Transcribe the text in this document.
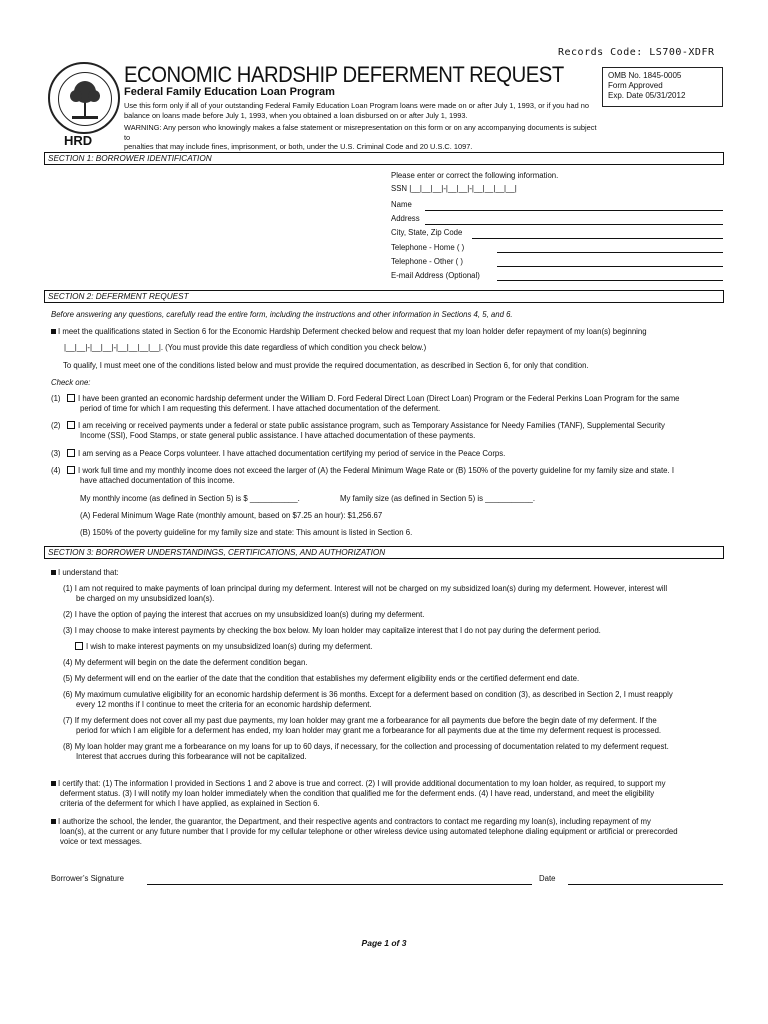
Records Code: LS700-XDFR
HRD
ECONOMIC HARDSHIP DEFERMENT REQUEST
Federal Family Education Loan Program
Use this form only if all of your outstanding Federal Family Education Loan Program loans were made on or after July 1, 1993, or if you had no
balance on loans made before July 1, 1993, when you obtained a loan disbursed on or after July 1, 1993.
WARNING: Any person who knowingly makes a false statement or misrepresentation on this form or on any accompanying documents is subject to
penalties that may include fines, imprisonment, or both, under the U.S. Criminal Code and 20 U.S.C. 1097.
OMB No. 1845-0005
Form Approved
Exp. Date 05/31/2012
SECTION 1: BORROWER IDENTIFICATION
Please enter or correct the following information.
SSN |__|__|__|-|__|__|-|__|__|__|__|
Name
Address
City, State, Zip Code
Telephone - Home ( )
Telephone - Other ( )
E-mail Address (Optional)
SECTION 2: DEFERMENT REQUEST
Before answering any questions, carefully read the entire form, including the instructions and other information in Sections 4, 5, and 6.
I meet the qualifications stated in Section 6 for the Economic Hardship Deferment checked below and request that my loan holder defer repayment of my loan(s) beginning
|__|__|-|__|__|-|__|__|__|__|. (You must provide this date regardless of which condition you check below.)
To qualify, I must meet one of the conditions listed below and must provide the required documentation, as described in Section 6, for only that condition.
Check one:
(1)	I have been granted an economic hardship deferment under the William D. Ford Federal Direct Loan (Direct Loan) Program or the Federal Perkins Loan Program for the same
period of time for which I am requesting this deferment. I have attached documentation of the deferment.
(2)	I am receiving or received payments under a federal or state public assistance program, such as Temporary Assistance for Needy Families (TANF), Supplemental Security
Income (SSI), Food Stamps, or state general public assistance. I have attached documentation of these payments.
(3)	I am serving as a Peace Corps volunteer. I have attached documentation certifying my period of service in the Peace Corps.
(4)	I work full time and my monthly income does not exceed the larger of (A) the Federal Minimum Wage Rate or (B) 150% of the poverty guideline for my family size and state. I
have attached documentation of this income.
My monthly income (as defined in Section 5) is $ ___________.	My family size (as defined in Section 5) is ___________.
(A) Federal Minimum Wage Rate (monthly amount, based on $7.25 an hour): $1,256.67
(B) 150% of the poverty guideline for my family size and state: This amount is listed in Section 6.
SECTION 3: BORROWER UNDERSTANDINGS, CERTIFICATIONS, AND AUTHORIZATION
I understand that:
(1) I am not required to make payments of loan principal during my deferment. Interest will not be charged on my subsidized loan(s) during my deferment. However, interest will
be charged on my unsubsidized loan(s).
(2) I have the option of paying the interest that accrues on my unsubsidized loan(s) during my deferment.
(3) I may choose to make interest payments by checking the box below. My loan holder may capitalize interest that I do not pay during the deferment period.
I wish to make interest payments on my unsubsidized loan(s) during my deferment.
(4) My deferment will begin on the date the deferment condition began.
(5) My deferment will end on the earlier of the date that the condition that establishes my deferment eligibility ends or the certified deferment end date.
(6) My maximum cumulative eligibility for an economic hardship deferment is 36 months. Except for a deferment based on condition (3), as described in Section 2, I must reapply
every 12 months if I continue to meet the criteria for an economic hardship deferment.
(7) If my deferment does not cover all my past due payments, my loan holder may grant me a forbearance for all payments due before the begin date of my deferment. If the
period for which I am eligible for a deferment has ended, my loan holder may grant me a forbearance for all payments due at the time my deferment request is processed.
(8) My loan holder may grant me a forbearance on my loans for up to 60 days, if necessary, for the collection and processing of documentation related to my deferment request.
Interest that accrues during this forbearance will not be capitalized.
I certify that: (1) The information I provided in Sections 1 and 2 above is true and correct. (2) I will provide additional documentation to my loan holder, as required, to support my
deferment status. (3) I will notify my loan holder immediately when the condition that qualified me for the deferment ends. (4) I have read, understand, and meet the eligibility
criteria of the deferment for which I have applied, as explained in Section 6.
I authorize the school, the lender, the guarantor, the Department, and their respective agents and contractors to contact me regarding my loan(s), including repayment of my
loan(s), at the current or any future number that I provide for my cellular telephone or other wireless device using automated telephone dialing equipment or artificial or prerecorded
voice or text messages.
Borrower’s Signature	Date
Page 1 of 3
